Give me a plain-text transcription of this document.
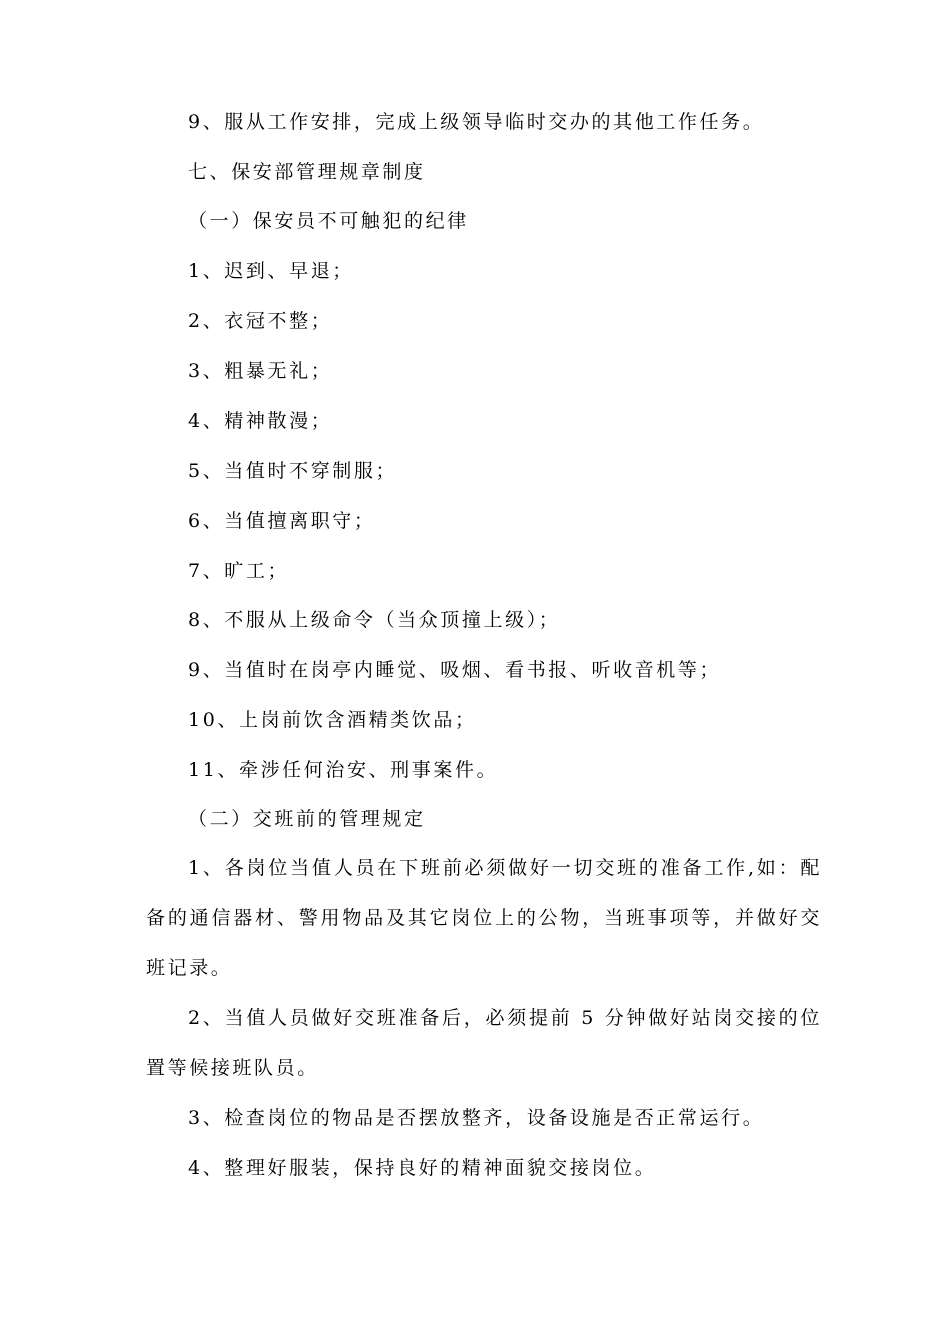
9、服从工作安排，完成上级领导临时交办的其他工作任务。
七、保安部管理规章制度
（一）保安员不可触犯的纪律
1、迟到、早退；
2、衣冠不整；
3、粗暴无礼；
4、精神散漫；
5、当值时不穿制服；
6、当值擅离职守；
7、旷工；
8、不服从上级命令（当众顶撞上级）；
9、当值时在岗亭内睡觉、吸烟、看书报、听收音机等；
10、上岗前饮含酒精类饮品；
11、牵涉任何治安、刑事案件。
（二）交班前的管理规定
1、各岗位当值人员在下班前必须做好一切交班的准备工作,如：配备的通信器材、警用物品及其它岗位上的公物，当班事项等，并做好交班记录。
2、当值人员做好交班准备后，必须提前 5 分钟做好站岗交接的位置等候接班队员。
3、检查岗位的物品是否摆放整齐，设备设施是否正常运行。
4、整理好服装，保持良好的精神面貌交接岗位。
